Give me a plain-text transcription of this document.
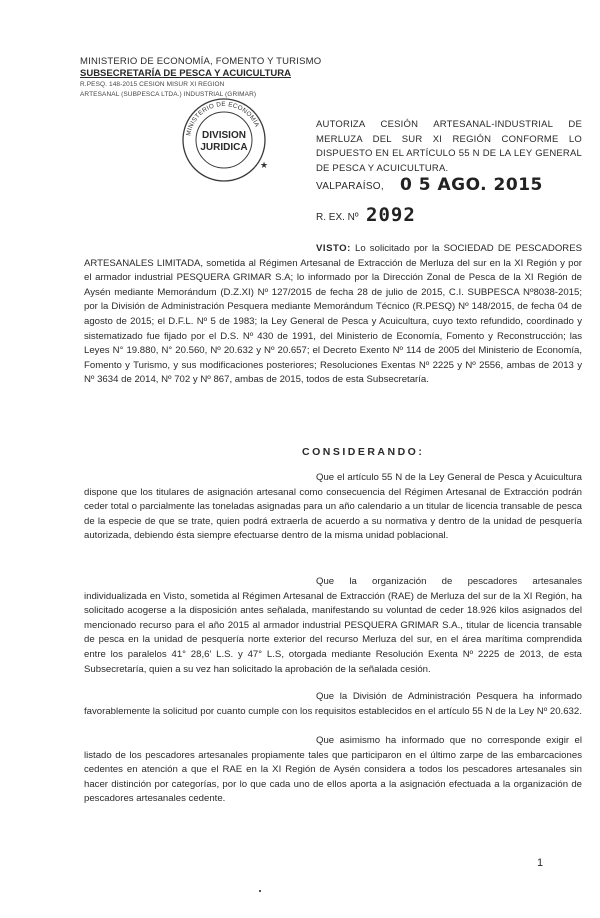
MINISTERIO DE ECONOMÍA, FOMENTO Y TURISMO
SUBSECRETARÍA DE PESCA Y ACUICULTURA
R.PESQ. 148-2015 CESION MISUR XI REGION
ARTESANAL (SUBPESCA LTDA.) INDUSTRIAL (GRIMAR)
MINISTERIO DE ECONOMÍA
DIVISION
JURIDICA
★
AUTORIZA CESIÓN ARTESANAL-INDUSTRIAL DE MERLUZA DEL SUR XI REGIÓN CONFORME LO DISPUESTO EN EL ARTÍCULO 55 N DE LA LEY GENERAL DE PESCA Y ACUICULTURA.
VALPARAÍSO, 0 5 AGO. 2015
R. EX. Nº 2092
VISTO: Lo solicitado por la SOCIEDAD DE PESCADORES ARTESANALES LIMITADA, sometida al Régimen Artesanal de Extracción de Merluza del sur en la XI Región y por el armador industrial PESQUERA GRIMAR S.A; lo informado por la Dirección Zonal de Pesca de la XI Región de Aysén mediante Memorándum (D.Z.XI) Nº 127/2015 de fecha 28 de julio de 2015, C.I. SUBPESCA Nº8038-2015; por la División de Administración Pesquera mediante Memorándum Técnico (R.PESQ) Nº 148/2015, de fecha 04 de agosto de 2015; el D.F.L. Nº 5 de 1983; la Ley General de Pesca y Acuicultura, cuyo texto refundido, coordinado y sistematizado fue fijado por el D.S. Nº 430 de 1991, del Ministerio de Economía, Fomento y Reconstrucción; las Leyes N° 19.880, N° 20.560, Nº 20.632 y Nº 20.657; el Decreto Exento Nº 114 de 2005 del Ministerio de Economía, Fomento y Turismo, y sus modificaciones posteriores; Resoluciones Exentas Nº 2225 y Nº 2556, ambas de 2013 y Nº 3634 de 2014, Nº 702 y Nº 867, ambas de 2015, todos de esta Subsecretaría.
CONSIDERANDO:
Que el artículo 55 N de la Ley General de Pesca y Acuicultura dispone que los titulares de asignación artesanal como consecuencia del Régimen Artesanal de Extracción podrán ceder total o parcialmente las toneladas asignadas para un año calendario a un titular de licencia transable de pesca de la especie de que se trate, quien podrá extraerla de acuerdo a su normativa y dentro de la unidad de pesquería autorizada, debiendo ésta siempre efectuarse dentro de la misma unidad poblacional.
Que la organización de pescadores artesanales individualizada en Visto, sometida al Régimen Artesanal de Extracción (RAE) de Merluza del sur de la XI Región, ha solicitado acogerse a la disposición antes señalada, manifestando su voluntad de ceder 18.926 kilos asignados del mencionado recurso para el año 2015 al armador industrial PESQUERA GRIMAR S.A., titular de licencia transable de pesca en la unidad de pesquería norte exterior del recurso Merluza del sur, en el área marítima comprendida entre los paralelos 41° 28,6' L.S. y 47° L.S, otorgada mediante Resolución Exenta Nº 2225 de 2013, de esta Subsecretaría, quien a su vez han solicitado la aprobación de la señalada cesión.
Que la División de Administración Pesquera ha informado favorablemente la solicitud por cuanto cumple con los requisitos establecidos en el artículo 55 N de la Ley Nº 20.632.
Que asimismo ha informado que no corresponde exigir el listado de los pescadores artesanales propiamente tales que participaron en el último zarpe de las embarcaciones cedentes en atención a que el RAE en la XI Región de Aysén considera a todos los pescadores artesanales sin hacer distinción por categorías, por lo que cada uno de ellos aporta a la asignación efectuada a la organización de pescadores artesanales cedente.
1
